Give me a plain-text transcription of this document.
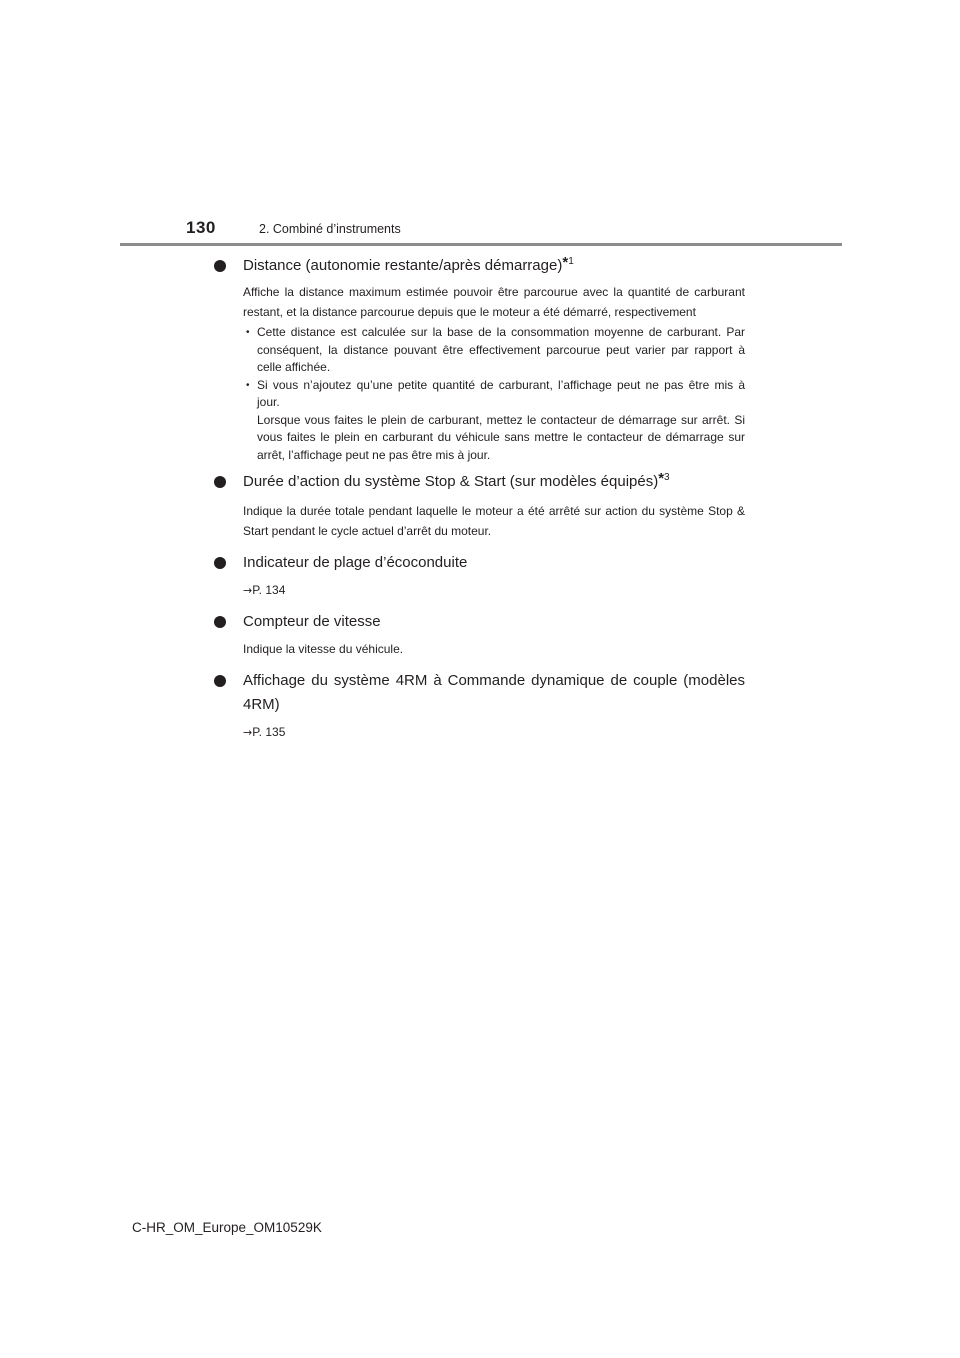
130	2. Combiné d’instruments
Distance (autonomie restante/après démarrage)$^{*1}$
Affiche la distance maximum estimée pouvoir être parcourue avec la quantité de carburant restant, et la distance parcourue depuis que le moteur a été démarré, respectivement
• Cette distance est calculée sur la base de la consommation moyenne de carburant. Par conséquent, la distance pouvant être effectivement parcourue peut varier par rapport à celle affichée.
• Si vous n’ajoutez qu’une petite quantité de carburant, l’affichage peut ne pas être mis à jour.
Lorsque vous faites le plein de carburant, mettez le contacteur de démarrage sur arrêt. Si vous faites le plein en carburant du véhicule sans mettre le contacteur de démarrage sur arrêt, l’affichage peut ne pas être mis à jour.
Durée d’action du système Stop & Start (sur modèles équipés)$^{*3}$
Indique la durée totale pendant laquelle le moteur a été arrêté sur action du système Stop & Start pendant le cycle actuel d’arrêt du moteur.
Indicateur de plage d’écoconduite
→P. 134
Compteur de vitesse
Indique la vitesse du véhicule.
Affichage du système 4RM à Commande dynamique de couple (modèles 4RM)
→P. 135
C-HR_OM_Europe_OM10529K
